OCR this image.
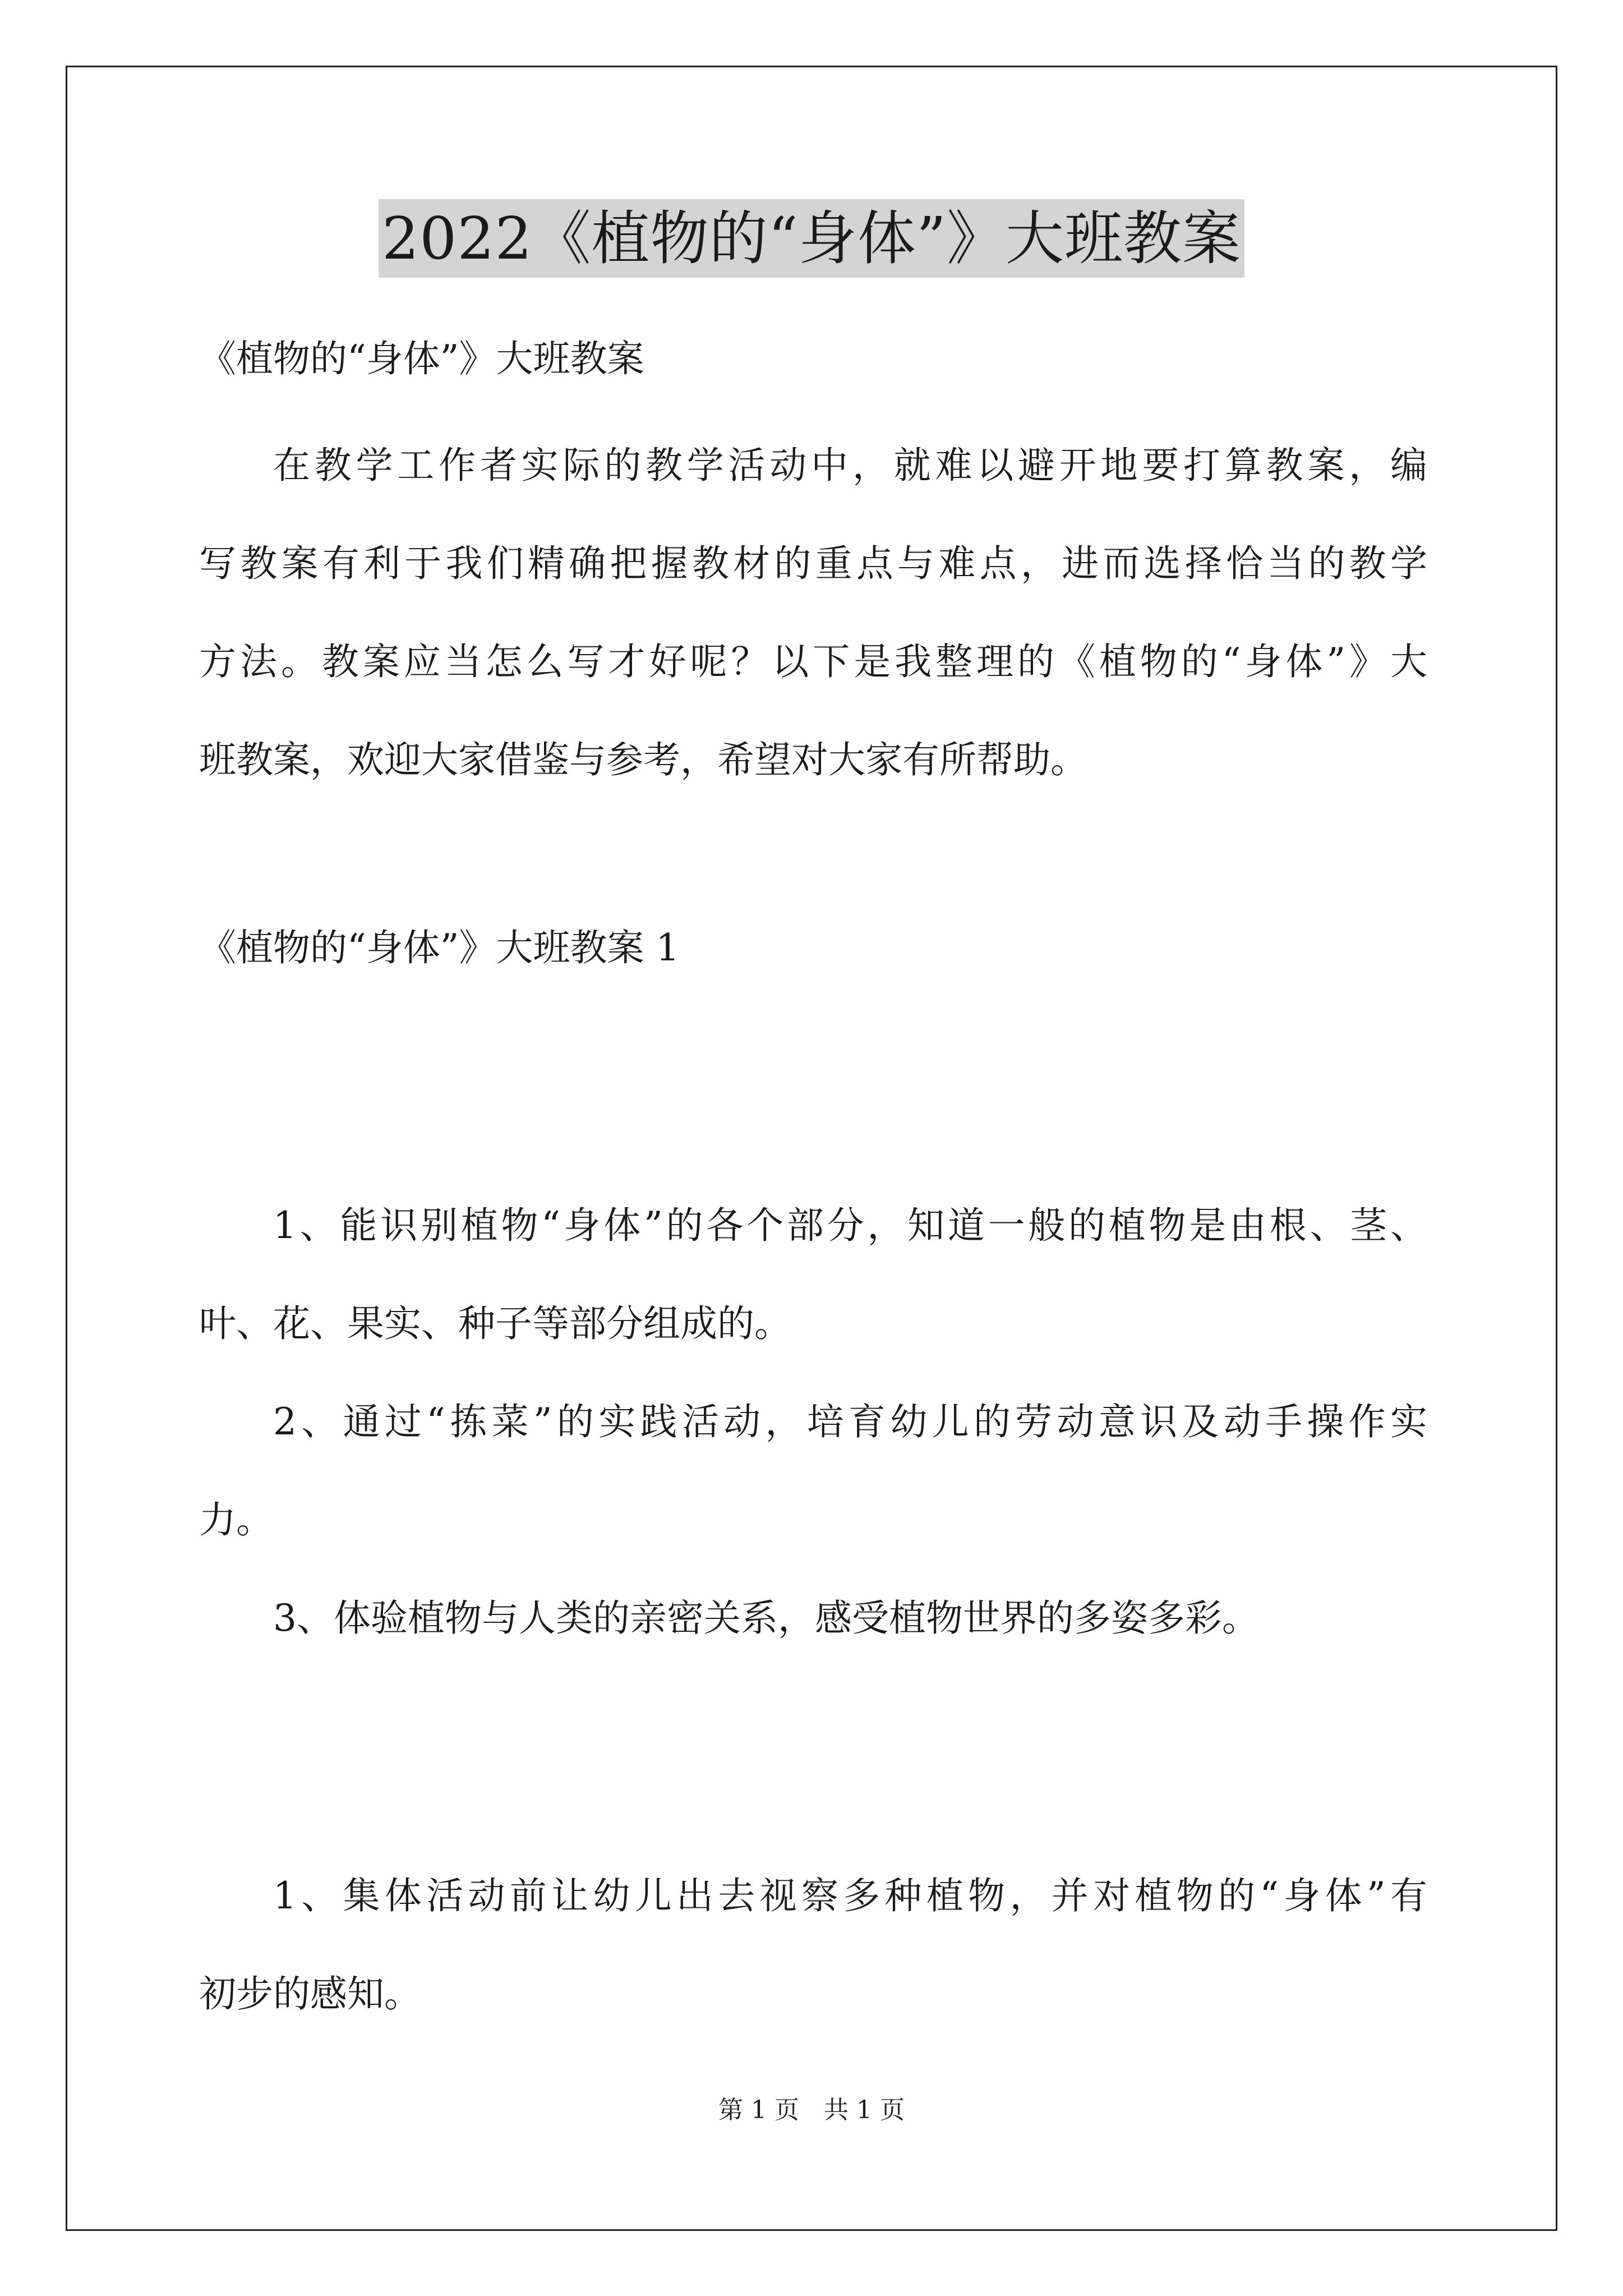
2022《植物的“身体”》大班教案
《植物的“身体”》大班教案
在教学工作者实际的教学活动中，就难以避开地要打算教案，编
写教案有利于我们精确把握教材的重点与难点，进而选择恰当的教学
方法。教案应当怎么写才好呢？以下是我整理的《植物的“身体”》大
班教案，欢迎大家借鉴与参考，希望对大家有所帮助。
《植物的“身体”》大班教案 1
1、能识别植物“身体”的各个部分，知道一般的植物是由根、茎、
叶、花、果实、种子等部分组成的。
2、通过“拣菜”的实践活动，培育幼儿的劳动意识及动手操作实
力。
3、体验植物与人类的亲密关系，感受植物世界的多姿多彩。
1、集体活动前让幼儿出去视察多种植物，并对植物的“身体”有
初步的感知。
第 1 页　共 1 页
